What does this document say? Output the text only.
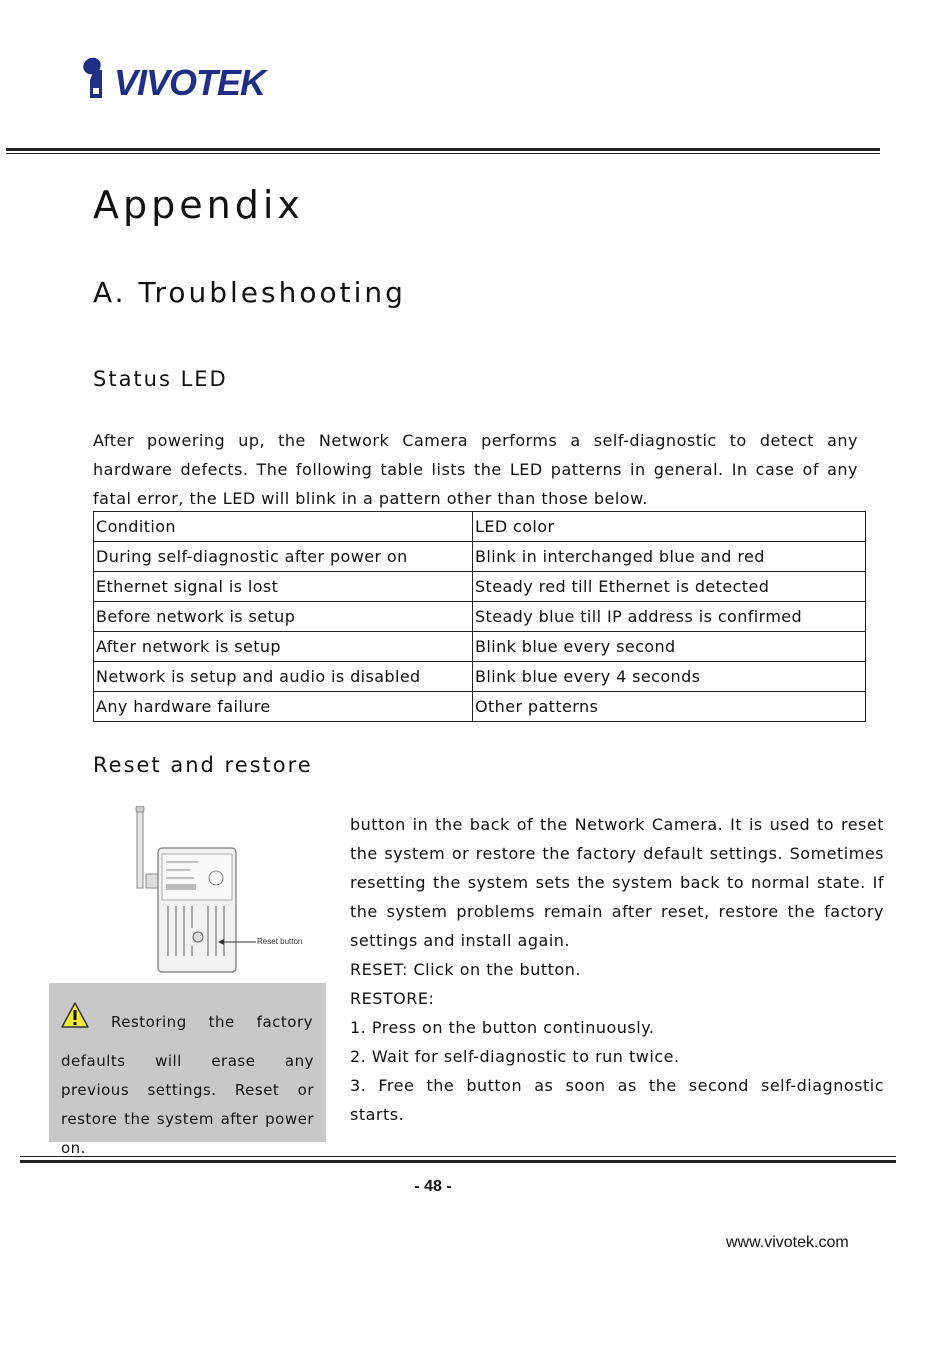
VIVOTEK
Appendix
A. Troubleshooting
Status LED
After powering up, the Network Camera performs a self-diagnostic to detect any hardware defects. The following table lists the LED patterns in general. In case of any fatal error, the LED will blink in a pattern other than those below.
Condition	LED color
During self-diagnostic after power on	Blink in interchanged blue and red
Ethernet signal is lost	Steady red till Ethernet is detected
Before network is setup	Steady blue till IP address is confirmed
After network is setup	Blink blue every second
Network is setup and audio is disabled	Blink blue every 4 seconds
Any hardware failure	Other patterns
Reset and restore
Reset button
Restoring the factory
defaults will erase any previous settings. Reset or restore the system after power on.
button in the back of the Network Camera. It is used to reset the system or restore the factory default settings. Sometimes resetting the system sets the system back to normal state. If the system problems remain after reset, restore the factory settings and install again.
RESET: Click on the button.
RESTORE:
1. Press on the button continuously.
2. Wait for self-diagnostic to run twice.
3. Free the button as soon as the second self-diagnostic starts.
- 48 -
www.vivotek.com
